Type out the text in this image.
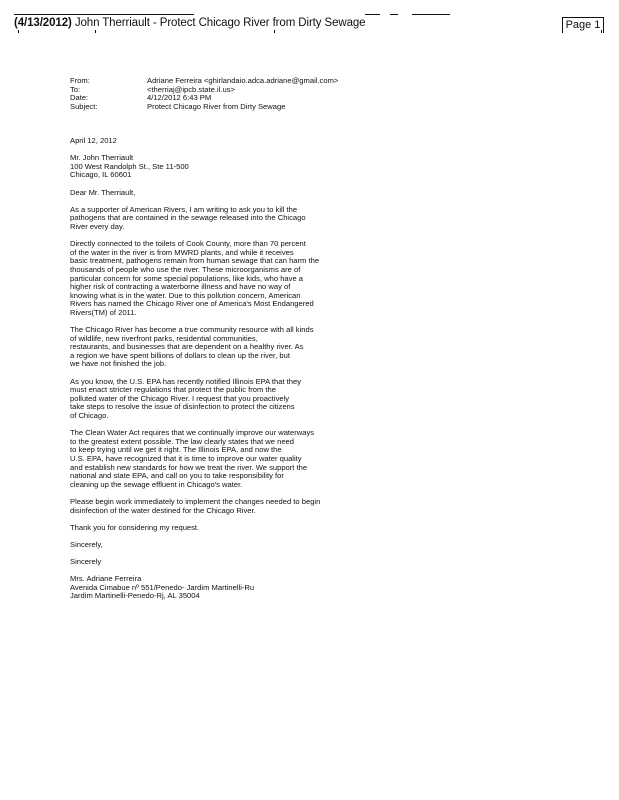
(4/13/2012) John Therriault - Protect Chicago River from Dirty Sewage	Page 1
From:	Adriane Ferreira <ghirlandaio.adca.adriane@gmail.com>
To:	<therriaj@ipcb.state.il.us>
Date:	4/12/2012 6:43 PM
Subject:	Protect Chicago River from Dirty Sewage

April 12, 2012

Mr. John Therriault
100 West Randolph St., Ste 11-500
Chicago, IL 60601

Dear Mr. Therriault,

As a supporter of American Rivers, I am writing to ask you to kill the
pathogens that are contained in the sewage released into the Chicago
River every day.

Directly connected to the toilets of Cook County, more than 70 percent
of the water in the river is from MWRD plants, and while it receives
basic treatment, pathogens remain from human sewage that can harm the
thousands of people who use the river. These microorganisms are of
particular concern for some special populations, like kids, who have a
higher risk of contracting a waterborne illness and have no way of
knowing what is in the water. Due to this pollution concern, American
Rivers has named the Chicago River one of America's Most Endangered
Rivers(TM) of 2011.

The Chicago River has become a true community resource with all kinds
of wildlife, new riverfront parks, residential communities,
restaurants, and businesses that are dependent on a healthy river. As
a region we have spent billions of dollars to clean up the river, but
we have not finished the job.

As you know, the U.S. EPA has recently notified Illinois EPA that they
must enact stricter regulations that protect the public from the
polluted water of the Chicago River. I request that you proactively
take steps to resolve the issue of disinfection to protect the citizens
of Chicago.

The Clean Water Act requires that we continually improve our waterways
to the greatest extent possible. The law clearly states that we need
to keep trying until we get it right. The Illinois EPA, and now the
U.S. EPA, have recognized that it is time to improve our water quality
and establish new standards for how we treat the river. We support the
national and state EPA, and call on you to take responsibility for
cleaning up the sewage effluent in Chicago's water.

Please begin work immediately to implement the changes needed to begin
disinfection of the water destined for the Chicago River.

Thank you for considering my request.

Sincerely,

Sincerely

Mrs. Adriane Ferreira
Avenida Cimabue nº 551/Penedo- Jardim Martinelli-Ru
Jardim Martinelli-Penedo-Rj, AL 35004
